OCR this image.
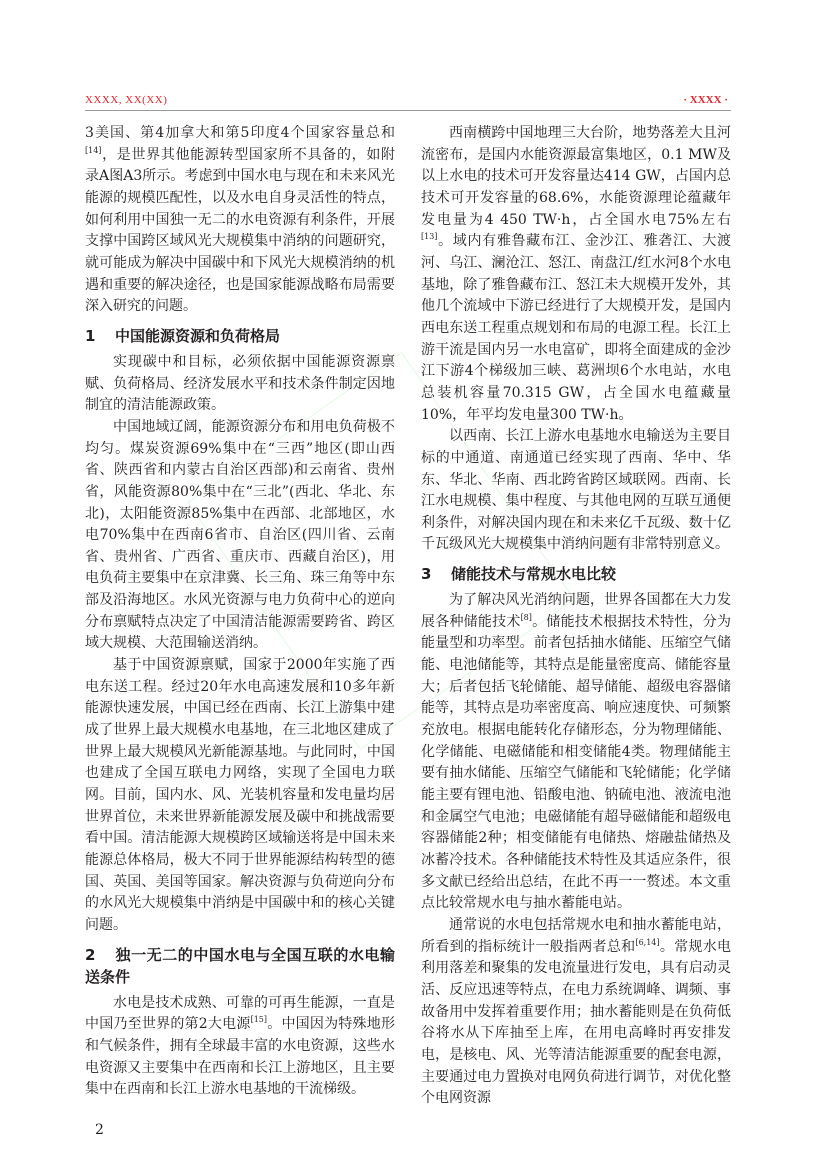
XXXX, XX(XX)	· XXXX ·

3美国、第4加拿大和第5印度4个国家容量总和[14]，是世界其他能源转型国家所不具备的，如附录A图A3所示。考虑到中国水电与现在和未来风光能源的规模匹配性，以及水电自身灵活性的特点，如何利用中国独一无二的水电资源有利条件，开展支撑中国跨区域风光大规模集中消纳的问题研究，就可能成为解决中国碳中和下风光大规模消纳的机遇和重要的解决途径，也是国家能源战略布局需要深入研究的问题。

1 中国能源资源和负荷格局

实现碳中和目标，必须依据中国能源资源禀赋、负荷格局、经济发展水平和技术条件制定因地制宜的清洁能源政策。

中国地域辽阔，能源资源分布和用电负荷极不均匀。煤炭资源69%集中在“三西”地区(即山西省、陕西省和内蒙古自治区西部)和云南省、贵州省，风能资源80%集中在“三北”(西北、华北、东北)，太阳能资源85%集中在西部、北部地区，水电70%集中在西南6省市、自治区(四川省、云南省、贵州省、广西省、重庆市、西藏自治区)，用电负荷主要集中在京津冀、长三角、珠三角等中东部及沿海地区。水风光资源与电力负荷中心的逆向分布禀赋特点决定了中国清洁能源需要跨省、跨区域大规模、大范围输送消纳。

基于中国资源禀赋，国家于2000年实施了西电东送工程。经过20年水电高速发展和10多年新能源快速发展，中国已经在西南、长江上游集中建成了世界上最大规模水电基地，在三北地区建成了世界上最大规模风光新能源基地。与此同时，中国也建成了全国互联电力网络，实现了全国电力联网。目前，国内水、风、光装机容量和发电量均居世界首位，未来世界新能源发展及碳中和挑战需要看中国。清洁能源大规模跨区域输送将是中国未来能源总体格局，极大不同于世界能源结构转型的德国、英国、美国等国家。解决资源与负荷逆向分布的水风光大规模集中消纳是中国碳中和的核心关键问题。

2 独一无二的中国水电与全国互联的水电输送条件

水电是技术成熟、可靠的可再生能源，一直是中国乃至世界的第2大电源[15]。中国因为特殊地形和气候条件，拥有全球最丰富的水电资源，这些水电资源又主要集中在西南和长江上游地区，且主要集中在西南和长江上游水电基地的干流梯级。

西南横跨中国地理三大台阶，地势落差大且河流密布，是国内水能资源最富集地区，0.1 MW及以上水电的技术可开发容量达414 GW，占国内总技术可开发容量的68.6%，水能资源理论蕴藏年发电量为4 450 TW·h，占全国水电75%左右[13]。域内有雅鲁藏布江、金沙江、雅砻江、大渡河、乌江、澜沧江、怒江、南盘江/红水河8个水电基地，除了雅鲁藏布江、怒江未大规模开发外，其他几个流域中下游已经进行了大规模开发，是国内西电东送工程重点规划和布局的电源工程。长江上游干流是国内另一水电富矿，即将全面建成的金沙江下游4个梯级加三峡、葛洲坝6个水电站，水电总装机容量70.315 GW，占全国水电蕴藏量10%，年平均发电量300 TW·h。

以西南、长江上游水电基地水电输送为主要目标的中通道、南通道已经实现了西南、华中、华东、华北、华南、西北跨省跨区域联网。西南、长江水电规模、集中程度、与其他电网的互联互通便利条件，对解决国内现在和未来亿千瓦级、数十亿千瓦级风光大规模集中消纳问题有非常特别意义。

3 储能技术与常规水电比较

为了解决风光消纳问题，世界各国都在大力发展各种储能技术[8]。储能技术根据技术特性，分为能量型和功率型。前者包括抽水储能、压缩空气储能、电池储能等，其特点是能量密度高、储能容量大；后者包括飞轮储能、超导储能、超级电容器储能等，其特点是功率密度高、响应速度快、可频繁充放电。根据电能转化存储形态，分为物理储能、化学储能、电磁储能和相变储能4类。物理储能主要有抽水储能、压缩空气储能和飞轮储能；化学储能主要有锂电池、铅酸电池、钠硫电池、液流电池和金属空气电池；电磁储能有超导磁储能和超级电容器储能2种；相变储能有电储热、熔融盐储热及冰蓄冷技术。各种储能技术特性及其适应条件，很多文献已经给出总结，在此不再一一赘述。本文重点比较常规水电与抽水蓄能电站。

通常说的水电包括常规水电和抽水蓄能电站，所看到的指标统计一般指两者总和[6,14]。常规水电利用落差和聚集的发电流量进行发电，具有启动灵活、反应迅速等特点，在电力系统调峰、调频、事故备用中发挥着重要作用；抽水蓄能则是在负荷低谷将水从下库抽至上库，在用电高峰时再安排发电，是核电、风、光等清洁能源重要的配套电源，主要通过电力置换对电网负荷进行调节，对优化整个电网资源

2
